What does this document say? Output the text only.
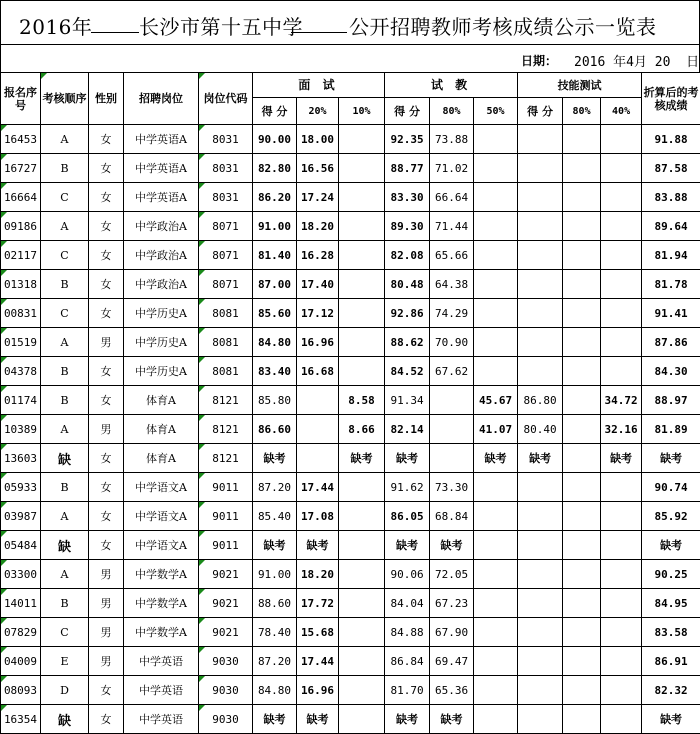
2016年 长沙市第十五中学 公开招聘教师考核成绩公示一览表
日期： 2016 年4月 20  日
报名序号	考核顺序	性别	招聘岗位	岗位代码	面 试			试 教			技能测试			折算后的考核成绩
					得 分	20%	10%	得 分	80%	50%	得 分	80%	40%	
16453	A	女	中学英语A	8031	90.00	18.00		92.35	73.88					91.88
16727	B	女	中学英语A	8031	82.80	16.56		88.77	71.02					87.58
16664	C	女	中学英语A	8031	86.20	17.24		83.30	66.64					83.88
09186	A	女	中学政治A	8071	91.00	18.20		89.30	71.44					89.64
02117	C	女	中学政治A	8071	81.40	16.28		82.08	65.66					81.94
01318	B	女	中学政治A	8071	87.00	17.40		80.48	64.38					81.78
00831	C	女	中学历史A	8081	85.60	17.12		92.86	74.29					91.41
01519	A	男	中学历史A	8081	84.80	16.96		88.62	70.90					87.86
04378	B	女	中学历史A	8081	83.40	16.68		84.52	67.62					84.30
01174	B	女	体育A	8121	85.80		8.58	91.34		45.67	86.80		34.72	88.97
10389	A	男	体育A	8121	86.60		8.66	82.14		41.07	80.40		32.16	81.89
13603	缺	女	体育A	8121	缺考		缺考	缺考		缺考	缺考		缺考	缺考
05933	B	女	中学语文A	9011	87.20	17.44		91.62	73.30					90.74
03987	A	女	中学语文A	9011	85.40	17.08		86.05	68.84					85.92
05484	缺	女	中学语文A	9011	缺考	缺考		缺考	缺考					缺考
03300	A	男	中学数学A	9021	91.00	18.20		90.06	72.05					90.25
14011	B	男	中学数学A	9021	88.60	17.72		84.04	67.23					84.95
07829	C	男	中学数学A	9021	78.40	15.68		84.88	67.90					83.58
04009	E	男	中学英语	9030	87.20	17.44		86.84	69.47					86.91
08093	D	女	中学英语	9030	84.80	16.96		81.70	65.36					82.32
16354	缺	女	中学英语	9030	缺考	缺考		缺考	缺考					缺考
